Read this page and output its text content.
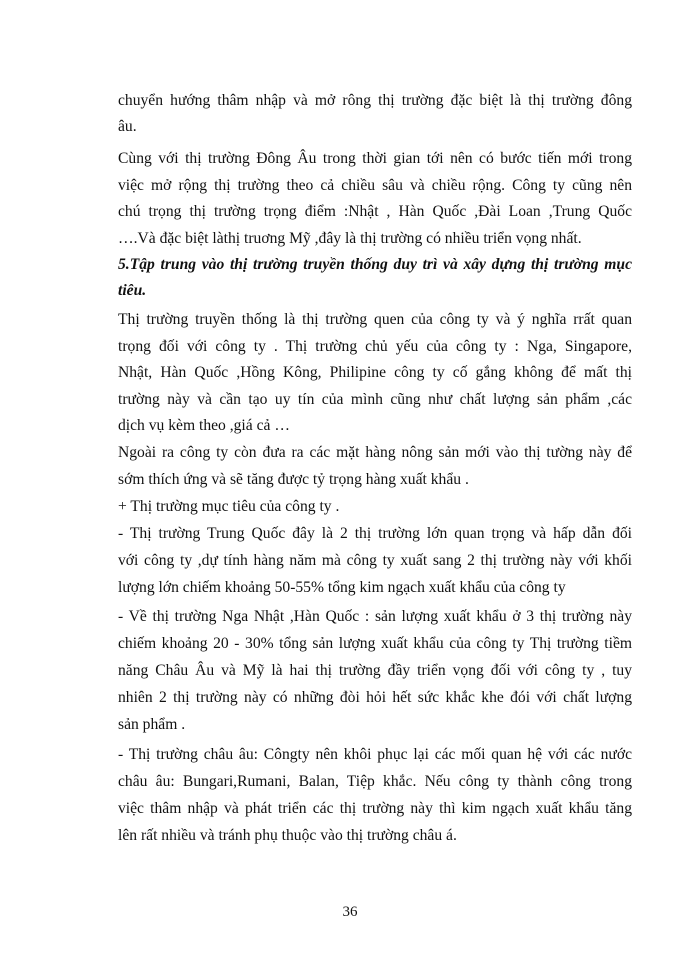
chuyển hướng thâm nhập và mở rông thị trường đặc biệt là thị trường đông
âu.
Cùng với thị trường Đông Âu trong thời gian tới nên có bước tiến mới trong
việc mở rộng thị trường theo cả chiều sâu và chiều rộng. Công ty cũng nên
chú trọng thị trường trọng điểm :Nhật , Hàn Quốc ,Đài Loan ,Trung Quốc
….Và đặc biệt làthị truơng Mỹ ,đây là thị trường có nhiều triển vọng nhất.
5.Tập trung vào thị trường truyền thống duy trì và xây dựng thị trường mục
tiêu.
Thị trường truyền thống là thị trường quen của công ty và ý nghĩa rrất quan
trọng đối với công ty . Thị trường chủ yếu của công ty : Nga, Singapore,
Nhật, Hàn Quốc ,Hồng Kông, Philipine công ty cố gắng không để mất thị
trường này và cần tạo uy tín của mình cũng như chất lượng sản phẩm ,các
dịch vụ kèm theo ,giá cả …
Ngoài ra công ty còn đưa ra các mặt hàng nông sản mới vào thị tường này để
sớm thích ứng và sẽ tăng được tỷ trọng hàng xuất khẩu .
+ Thị trường mục tiêu của công ty .
- Thị trường Trung Quốc đây là 2 thị trường lớn quan trọng và hấp dẫn đối
với công ty ,dự tính hàng năm mà công ty xuất sang 2 thị trường này với khối
lượng lớn chiếm khoảng 50-55% tổng kim ngạch xuất khẩu của công ty
- Về thị trường Nga Nhật ,Hàn Quốc : sản lượng xuất khẩu ở 3 thị trường này
chiếm khoảng 20 - 30% tổng sản lượng xuất khẩu của công ty Thị trường tiềm
năng Châu Âu và Mỹ là hai thị trường đầy triển vọng đối với công ty , tuy
nhiên 2 thị trường này có những đòi hỏi hết sức khắc khe đói với chất lượng
sản phẩm .
- Thị trường châu âu: Côngty nên khôi phục lại các mối quan hệ với các nước
châu âu: Bungari,Rumani, Balan, Tiệp khắc. Nếu công ty thành công trong
việc thâm nhập và phát triển các thị trường này thì kim ngạch xuất khẩu tăng
lên rất nhiều và tránh phụ thuộc vào thị trường châu á.
36
